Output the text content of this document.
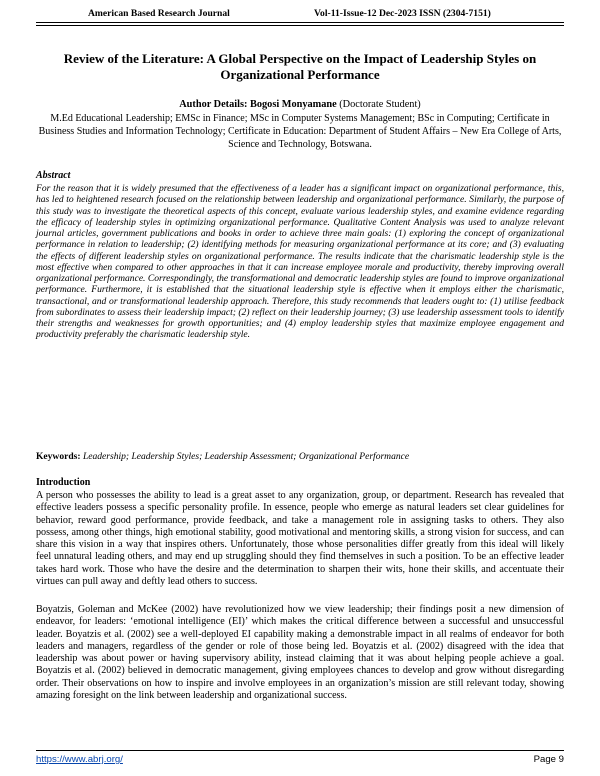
American Based Research Journal	Vol-11-Issue-12 Dec-2023 ISSN (2304-7151)
Review of the Literature: A Global Perspective on the Impact of Leadership Styles on Organizational Performance
Author Details: Bogosi Monyamane (Doctorate Student)
M.Ed Educational Leadership; EMSc in Finance; MSc in Computer Systems Management; BSc in Computing; Certificate in Business Studies and Information Technology; Certificate in Education: Department of Student Affairs – New Era College of Arts, Science and Technology, Botswana.
Abstract
For the reason that it is widely presumed that the effectiveness of a leader has a significant impact on organizational performance, this, has led to heightened research focused on the relationship between leadership and organizational performance. Similarly, the purpose of this study was to investigate the theoretical aspects of this concept, evaluate various leadership styles, and examine evidence regarding the efficacy of leadership styles in optimizing organizational performance. Qualitative Content Analysis was used to analyze relevant journal articles, government publications and books in order to achieve three main goals: (1) exploring the concept of organizational performance in relation to leadership; (2) identifying methods for measuring organizational performance at its core; and (3) evaluating the effects of different leadership styles on organizational performance. The results indicate that the charismatic leadership style is the most effective when compared to other approaches in that it can increase employee morale and productivity, thereby improving overall organizational performance. Correspondingly, the transformational and democratic leadership styles are found to improve organizational performance. Furthermore, it is established that the situational leadership style is effective when it employs either the charismatic, transactional, and or transformational leadership approach. Therefore, this study recommends that leaders ought to: (1) utilise feedback from subordinates to assess their leadership impact; (2) reflect on their leadership journey; (3) use leadership assessment tools to identify their strengths and weaknesses for growth opportunities; and (4) employ leadership styles that maximize employee engagement and productivity preferably the charismatic leadership style.
Keywords: Leadership; Leadership Styles; Leadership Assessment; Organizational Performance
Introduction
A person who possesses the ability to lead is a great asset to any organization, group, or department. Research has revealed that effective leaders possess a specific personality profile. In essence, people who emerge as natural leaders set clear guidelines for behavior, reward good performance, provide feedback, and take a management role in assigning tasks to others. They also possess, among other things, high emotional stability, good motivational and mentoring skills, a strong vision for success, and can share this vision in a way that inspires others. Unfortunately, those whose personalities differ greatly from this ideal will likely feel unnatural leading others, and may end up struggling should they find themselves in such a position. To be an effective leader takes hard work. Those who have the desire and the determination to sharpen their wits, hone their skills, and accentuate their virtues can pull away and deftly lead others to success.
Boyatzis, Goleman and McKee (2002) have revolutionized how we view leadership; their findings posit a new dimension of endeavor, for leaders: ‘emotional intelligence (EI)’ which makes the critical difference between a successful and unsuccessful leader. Boyatzis et al. (2002) see a well-deployed EI capability making a demonstrable impact in all realms of endeavor for both leaders and managers, regardless of the gender or role of those being led. Boyatzis et al. (2002) disagreed with the idea that leadership was about power or having supervisory ability, instead claiming that it was about helping people achieve a goal. Boyatzis et al. (2002) believed in democratic management, giving employees chances to develop and grow without disregarding order. Their observations on how to inspire and involve employees in an organization’s mission are still relevant today, showing amazing foresight on the link between leadership and organizational success.
https://www.abrj.org/	Page 9
